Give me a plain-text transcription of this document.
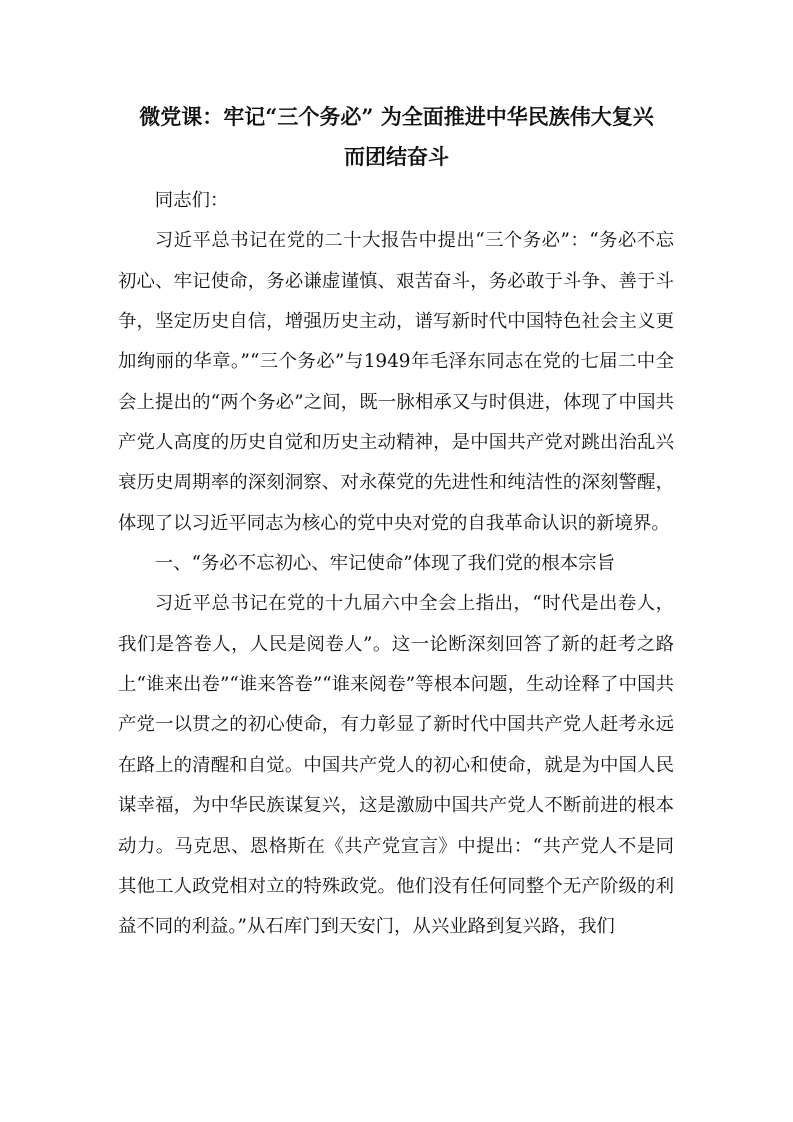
微党课：牢记“三个务必” 为全面推进中华民族伟大复兴
而团结奋斗

同志们：

习近平总书记在党的二十大报告中提出“三个务必”：“务必不忘初心、牢记使命，务必谦虚谨慎、艰苦奋斗，务必敢于斗争、善于斗争，坚定历史自信，增强历史主动，谱写新时代中国特色社会主义更加绚丽的华章。”“三个务必”与1949年毛泽东同志在党的七届二中全会上提出的“两个务必”之间，既一脉相承又与时俱进，体现了中国共产党人高度的历史自觉和历史主动精神，是中国共产党对跳出治乱兴衰历史周期率的深刻洞察、对永葆党的先进性和纯洁性的深刻警醒，体现了以习近平同志为核心的党中央对党的自我革命认识的新境界。

一、“务必不忘初心、牢记使命”体现了我们党的根本宗旨

习近平总书记在党的十九届六中全会上指出，“时代是出卷人，我们是答卷人，人民是阅卷人”。这一论断深刻回答了新的赶考之路上“谁来出卷”“谁来答卷”“谁来阅卷”等根本问题，生动诠释了中国共产党一以贯之的初心使命，有力彰显了新时代中国共产党人赶考永远在路上的清醒和自觉。中国共产党人的初心和使命，就是为中国人民谋幸福，为中华民族谋复兴，这是激励中国共产党人不断前进的根本动力。马克思、恩格斯在《共产党宣言》中提出：“共产党人不是同其他工人政党相对立的特殊政党。他们没有任何同整个无产阶级的利益不同的利益。”从石库门到天安门，从兴业路到复兴路，我们
